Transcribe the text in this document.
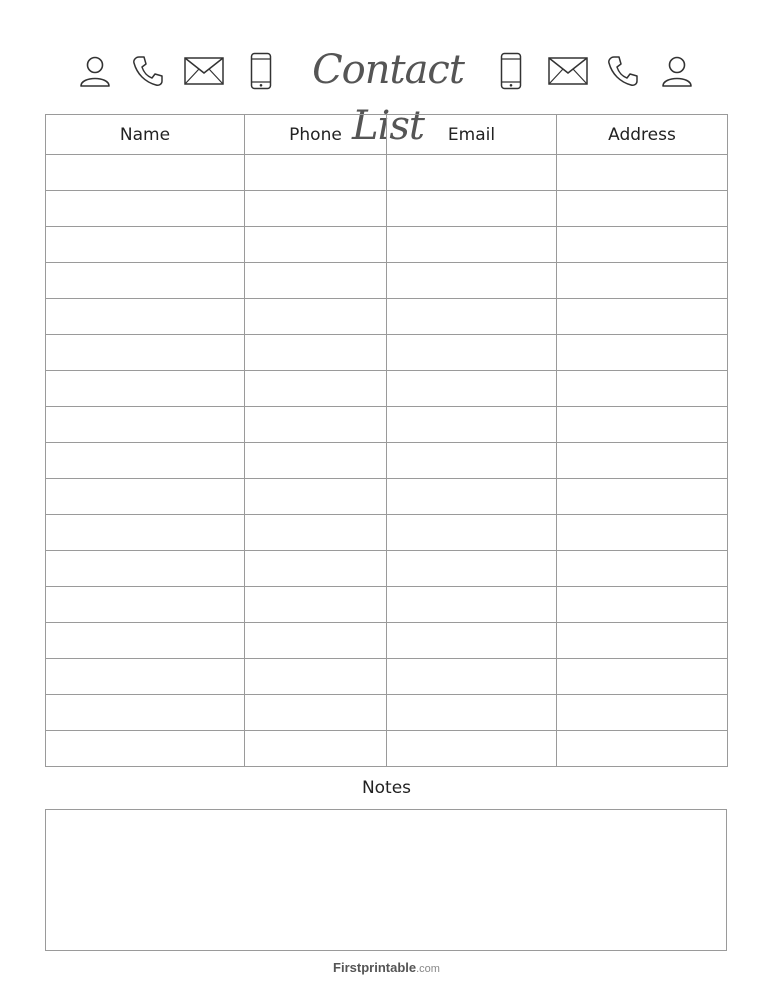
Contact List
Name	Phone	Email	Address

Notes
Firstprintable.com
